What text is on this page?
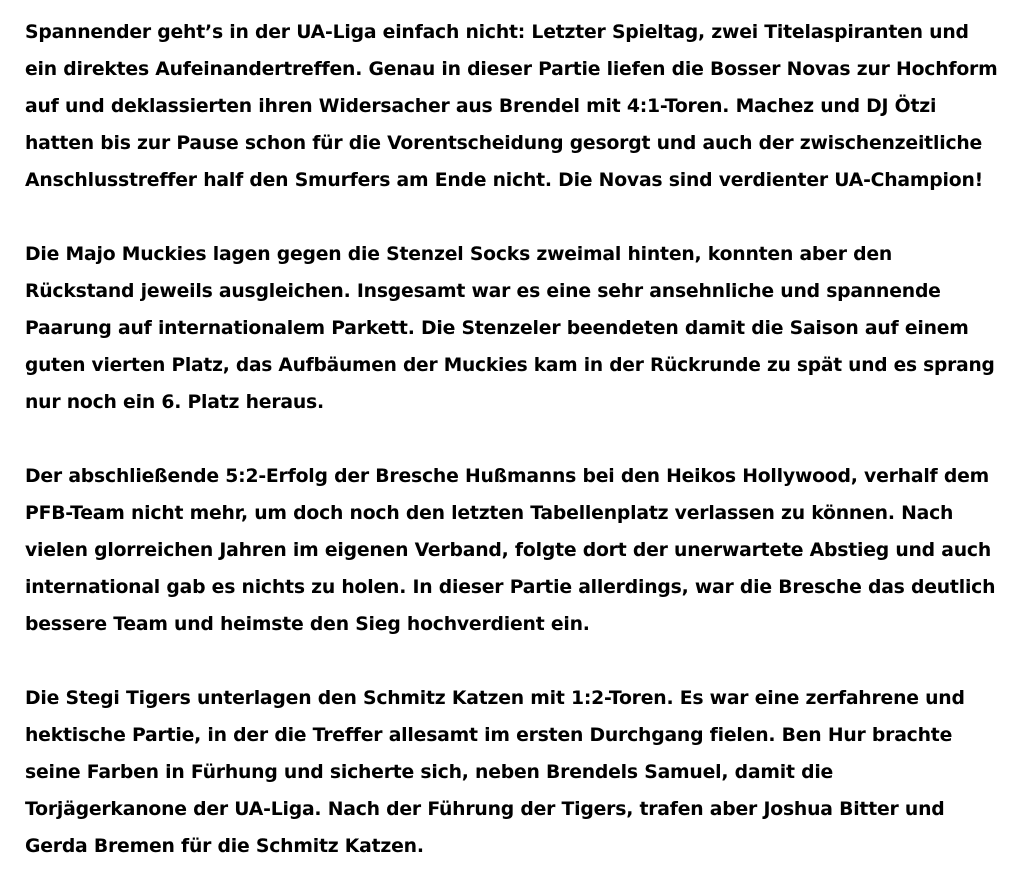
Spannender geht’s in der UA-Liga einfach nicht: Letzter Spieltag, zwei Titelaspiranten und
ein direktes Aufeinandertreffen. Genau in dieser Partie liefen die Bosser Novas zur Hochform
auf und deklassierten ihren Widersacher aus Brendel mit 4:1-Toren. Machez und DJ Ötzi
hatten bis zur Pause schon für die Vorentscheidung gesorgt und auch der zwischenzeitliche
Anschlusstreffer half den Smurfers am Ende nicht. Die Novas sind verdienter UA-Champion!

Die Majo Muckies lagen gegen die Stenzel Socks zweimal hinten, konnten aber den
Rückstand jeweils ausgleichen. Insgesamt war es eine sehr ansehnliche und spannende
Paarung auf internationalem Parkett. Die Stenzeler beendeten damit die Saison auf einem
guten vierten Platz, das Aufbäumen der Muckies kam in der Rückrunde zu spät und es sprang
nur noch ein 6. Platz heraus.

Der abschließende 5:2-Erfolg der Bresche Hußmanns bei den Heikos Hollywood, verhalf dem
PFB-Team nicht mehr, um doch noch den letzten Tabellenplatz verlassen zu können. Nach
vielen glorreichen Jahren im eigenen Verband, folgte dort der unerwartete Abstieg und auch
international gab es nichts zu holen. In dieser Partie allerdings, war die Bresche das deutlich
bessere Team und heimste den Sieg hochverdient ein.

Die Stegi Tigers unterlagen den Schmitz Katzen mit 1:2-Toren. Es war eine zerfahrene und
hektische Partie, in der die Treffer allesamt im ersten Durchgang fielen. Ben Hur brachte
seine Farben in Fürhung und sicherte sich, neben Brendels Samuel, damit die
Torjägerkanone der UA-Liga. Nach der Führung der Tigers, trafen aber Joshua Bitter und
Gerda Bremen für die Schmitz Katzen.
